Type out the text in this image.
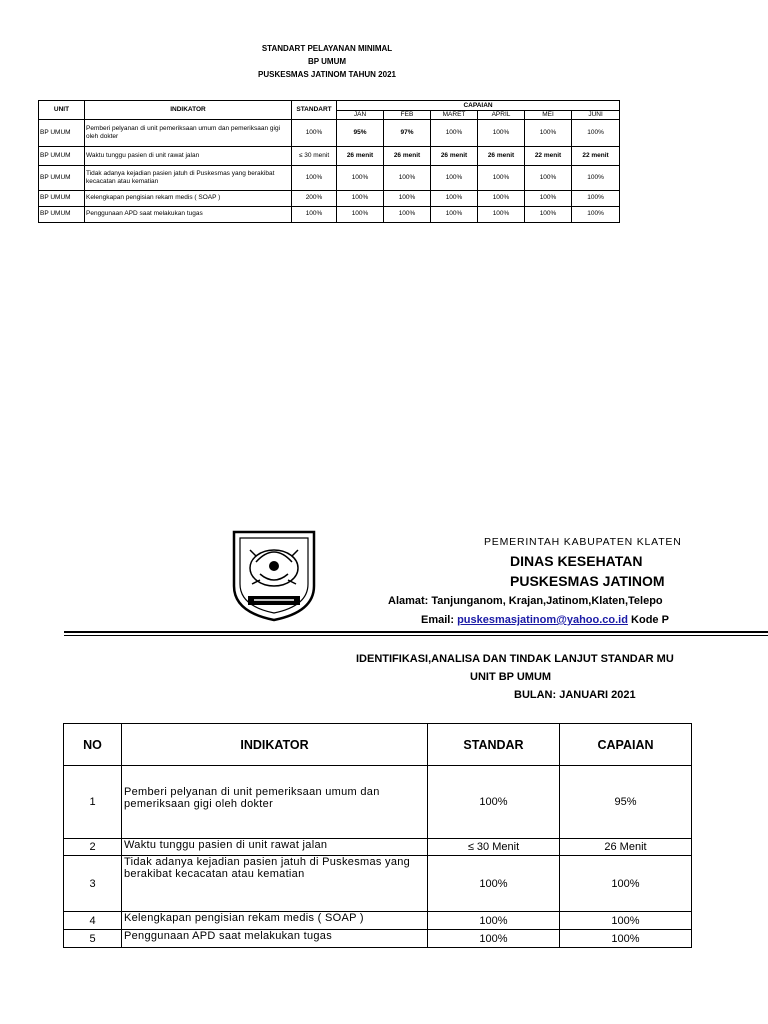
STANDART PELAYANAN MINIMAL
BP UMUM
PUSKESMAS JATINOM TAHUN 2021
UNIT	INDIKATOR	STANDART	CAPAIAN					
			JAN	FEB	MARET	APRIL	MEI	JUNI
BP UMUM	Pemberi pelyanan di unit pemeriksaan umum dan pemeriksaan gigi oleh dokter	100%	95%	97%	100%	100%	100%	100%
BP UMUM	Waktu tunggu pasien di unit rawat jalan	≤ 30 menit	26 menit	26 menit	26 menit	26 menit	22 menit	22 menit
BP UMUM	Tidak adanya kejadian pasien jatuh di Puskesmas yang berakibat kecacatan atau kematian	100%	100%	100%	100%	100%	100%	100%
BP UMUM	Kelengkapan pengisian rekam medis ( SOAP )	200%	100%	100%	100%	100%	100%	100%
BP UMUM	Penggunaan APD saat melakukan tugas	100%	100%	100%	100%	100%	100%	100%
PEMERINTAH KABUPATEN KLATEN
DINAS KESEHATAN
PUSKESMAS JATINOM
Alamat: Tanjunganom, Krajan,Jatinom,Klaten,Telepo
Email: puskesmasjatinom@yahoo.co.id Kode P
IDENTIFIKASI,ANALISA DAN TINDAK LANJUT STANDAR MU
UNIT BP UMUM
BULAN: JANUARI 2021
NO	INDIKATOR	STANDAR	CAPAIAN
1	Pemberi pelyanan di unit pemeriksaan umum dan pemeriksaan gigi oleh dokter	100%	95%
2	Waktu tunggu pasien di unit rawat jalan	≤ 30 Menit	26 Menit
3	Tidak adanya kejadian pasien jatuh di Puskesmas yang berakibat kecacatan atau kematian	100%	100%
4	Kelengkapan pengisian rekam medis ( SOAP )	100%	100%
5	Penggunaan APD saat melakukan tugas	100%	100%
